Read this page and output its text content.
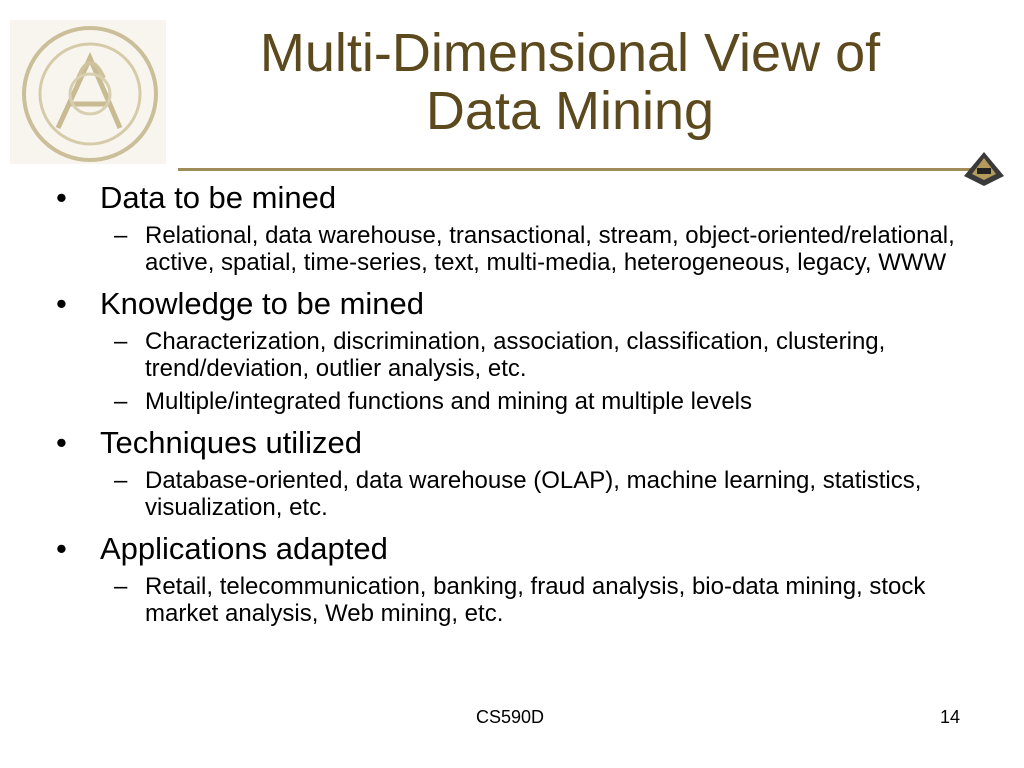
Multi-Dimensional View of
Data Mining
•	Data to be mined
– Relational, data warehouse, transactional, stream, object-oriented/relational, active, spatial, time-series, text, multi-media, heterogeneous, legacy, WWW
•	Knowledge to be mined
– Characterization, discrimination, association, classification, clustering, trend/deviation, outlier analysis, etc.
– Multiple/integrated functions and mining at multiple levels
•	Techniques utilized
– Database-oriented, data warehouse (OLAP), machine learning, statistics, visualization, etc.
•	Applications adapted
– Retail, telecommunication, banking, fraud analysis, bio-data mining, stock market analysis, Web mining, etc.
CS590D	14
